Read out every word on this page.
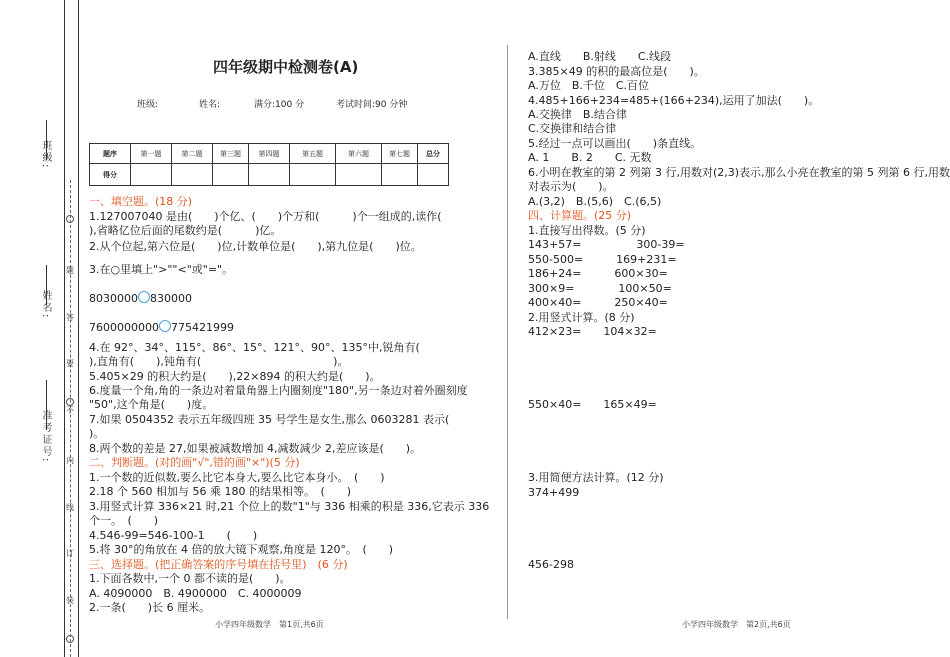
班级:
姓名:
准考证号:
题
答
要
不
内
线
订
装
四年级期中检测卷(A)
班级:	姓名:	满分:100 分	考试时间:90 分钟
题序	第一题	第二题	第三题	第四题	第五题	第六题	第七题	总分
得分								
一、填空题。(18 分)
1.127007040 是由(　　)个亿、(　　)个万和(　　　)个一组成的,读作(
),省略亿位后面的尾数约是(　　　)亿。
2.从个位起,第六位是(　　)位,计数单位是(　　),第九位是(　　)位。
3.在○里填上">""<"或"="。
8030000 830000
7600000000 775421999
4.在 92°、34°、115°、86°、15°、121°、90°、135°中,锐角有(
),直角有(　　),钝角有(　　　　　　　　　　　　)。
5.405×29 的积大约是(　　),22×894 的积大约是(　　)。
6.度量一个角,角的一条边对着量角器上内圈刻度"180",另一条边对着外圈刻度
"50",这个角是(　　)度。
7.如果 0504352 表示五年级四班 35 号学生是女生,那么 0603281 表示(
)。
8.两个数的差是 27,如果被减数增加 4,减数减少 2,差应该是(　　)。
二、判断题。(对的画"√",错的画"×")(5 分)
1.一个数的近似数,要么比它本身大,要么比它本身小。　(　　)
2.18 个 560 相加与 56 乘 180 的结果相等。　(　　)
3.用竖式计算 336×21 时,21 个位上的数"1"与 336 相乘的积是 336,它表示 336
个一。　(　　)
4.546-99=546-100-1　　(　　)
5.将 30°的角放在 4 倍的放大镜下观察,角度是 120°。　(　　)
三、选择题。(把正确答案的序号填在括号里)　(6 分)
1.下面各数中,一个 0 都不读的是(　　)。
A. 4090000　B. 4900000　C. 4000009
2.一条(　　)长 6 厘米。
小学四年级数学　第1页,共6页
A.直线　　B.射线　　C.线段
3.385×49 的积的最高位是(　　)。
A.万位　B.千位　C.百位
4.485+166+234=485+(166+234),运用了加法(　　)。
A.交换律　B.结合律
C.交换律和结合律
5.经过一点可以画出(　　)条直线。
A. 1　　B. 2　　C. 无数
6.小明在教室的第 2 列第 3 行,用数对(2,3)表示,那么小亮在教室的第 5 列第 6 行,用数
对表示为(　　)。
A.(3,2)　B.(5,6)　C.(6,5)
四、计算题。(25 分)
1.直接写出得数。(5 分)
143+57=　　　　　300-39=
550-500=　　　169+231=
186+24=　　　600×30=
300×9=　　　　100×50=
400×40=　　　250×40=
2.用竖式计算。(8 分)
412×23=　　104×32=
550×40=　　165×49=
3.用简便方法计算。(12 分)
374+499
456-298
小学四年级数学　第2页,共6页
